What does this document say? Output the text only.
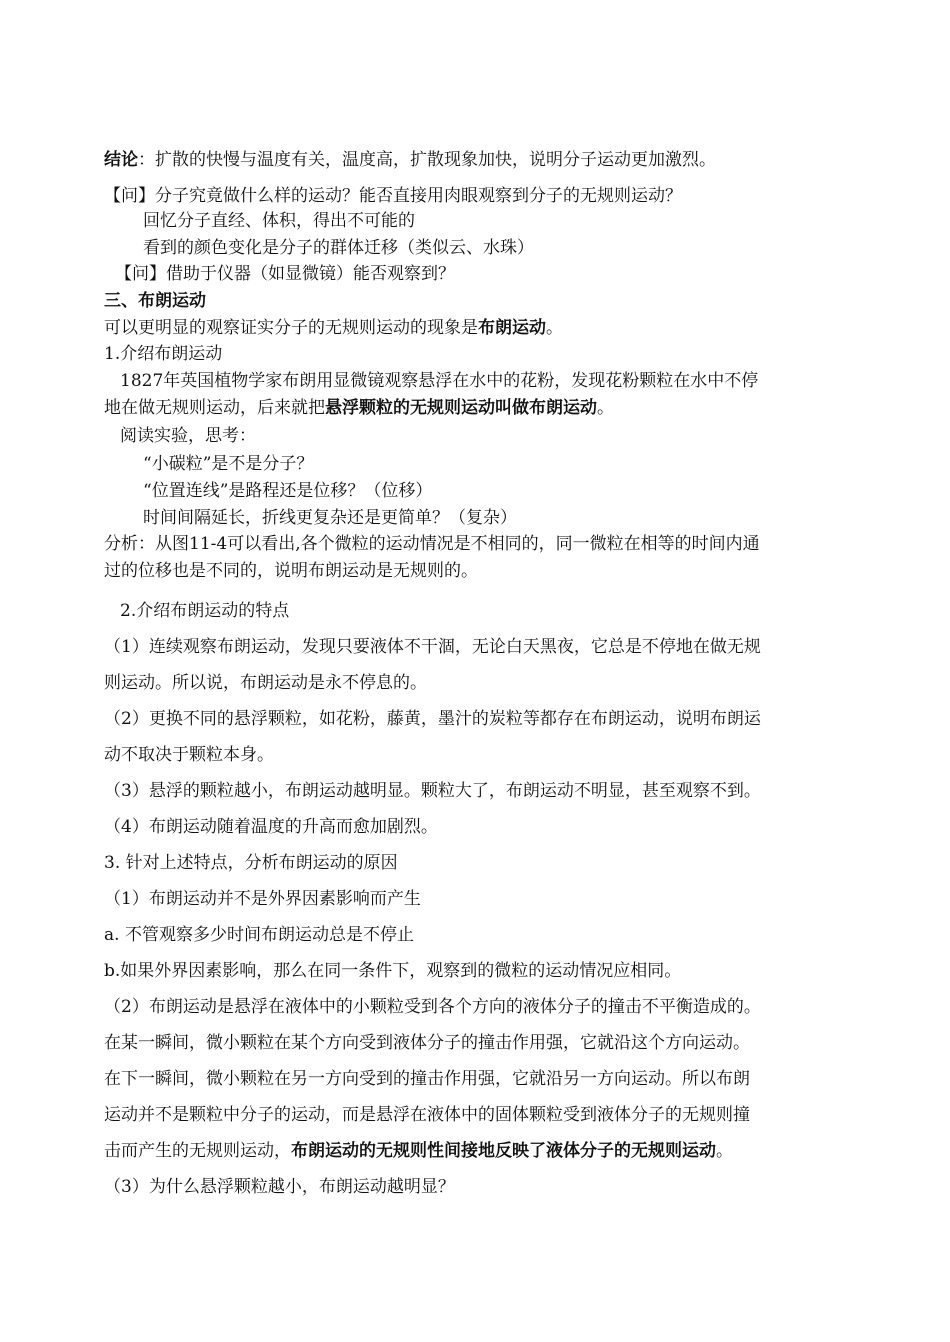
结论：扩散的快慢与温度有关，温度高，扩散现象加快，说明分子运动更加激烈。
【问】分子究竟做什么样的运动？能否直接用肉眼观察到分子的无规则运动？
回忆分子直经、体积，得出不可能的
看到的颜色变化是分子的群体迁移（类似云、水珠）
【问】借助于仪器（如显微镜）能否观察到？
三、布朗运动
可以更明显的观察证实分子的无规则运动的现象是布朗运动。
1.介绍布朗运动
1827年英国植物学家布朗用显微镜观察悬浮在水中的花粉，发现花粉颗粒在水中不停
地在做无规则运动，后来就把悬浮颗粒的无规则运动叫做布朗运动。
阅读实验，思考：
“小碳粒”是不是分子？
“位置连线”是路程还是位移？（位移）
时间间隔延长，折线更复杂还是更简单？（复杂）
分析：从图11-4可以看出,各个微粒的运动情况是不相同的，同一微粒在相等的时间内通
过的位移也是不同的，说明布朗运动是无规则的。
2.介绍布朗运动的特点
（1）连续观察布朗运动，发现只要液体不干涸，无论白天黑夜，它总是不停地在做无规
则运动。所以说，布朗运动是永不停息的。
（2）更换不同的悬浮颗粒，如花粉，藤黄，墨汁的炭粒等都存在布朗运动，说明布朗运
动不取决于颗粒本身。
（3）悬浮的颗粒越小，布朗运动越明显。颗粒大了，布朗运动不明显，甚至观察不到。
（4）布朗运动随着温度的升高而愈加剧烈。
3. 针对上述特点，分析布朗运动的原因
（1）布朗运动并不是外界因素影响而产生
a. 不管观察多少时间布朗运动总是不停止
b.如果外界因素影响，那么在同一条件下，观察到的微粒的运动情况应相同。
（2）布朗运动是悬浮在液体中的小颗粒受到各个方向的液体分子的撞击不平衡造成的。
在某一瞬间，微小颗粒在某个方向受到液体分子的撞击作用强，它就沿这个方向运动。
在下一瞬间，微小颗粒在另一方向受到的撞击作用强，它就沿另一方向运动。所以布朗
运动并不是颗粒中分子的运动，而是悬浮在液体中的固体颗粒受到液体分子的无规则撞
击而产生的无规则运动，布朗运动的无规则性间接地反映了液体分子的无规则运动。
（3）为什么悬浮颗粒越小，布朗运动越明显？
